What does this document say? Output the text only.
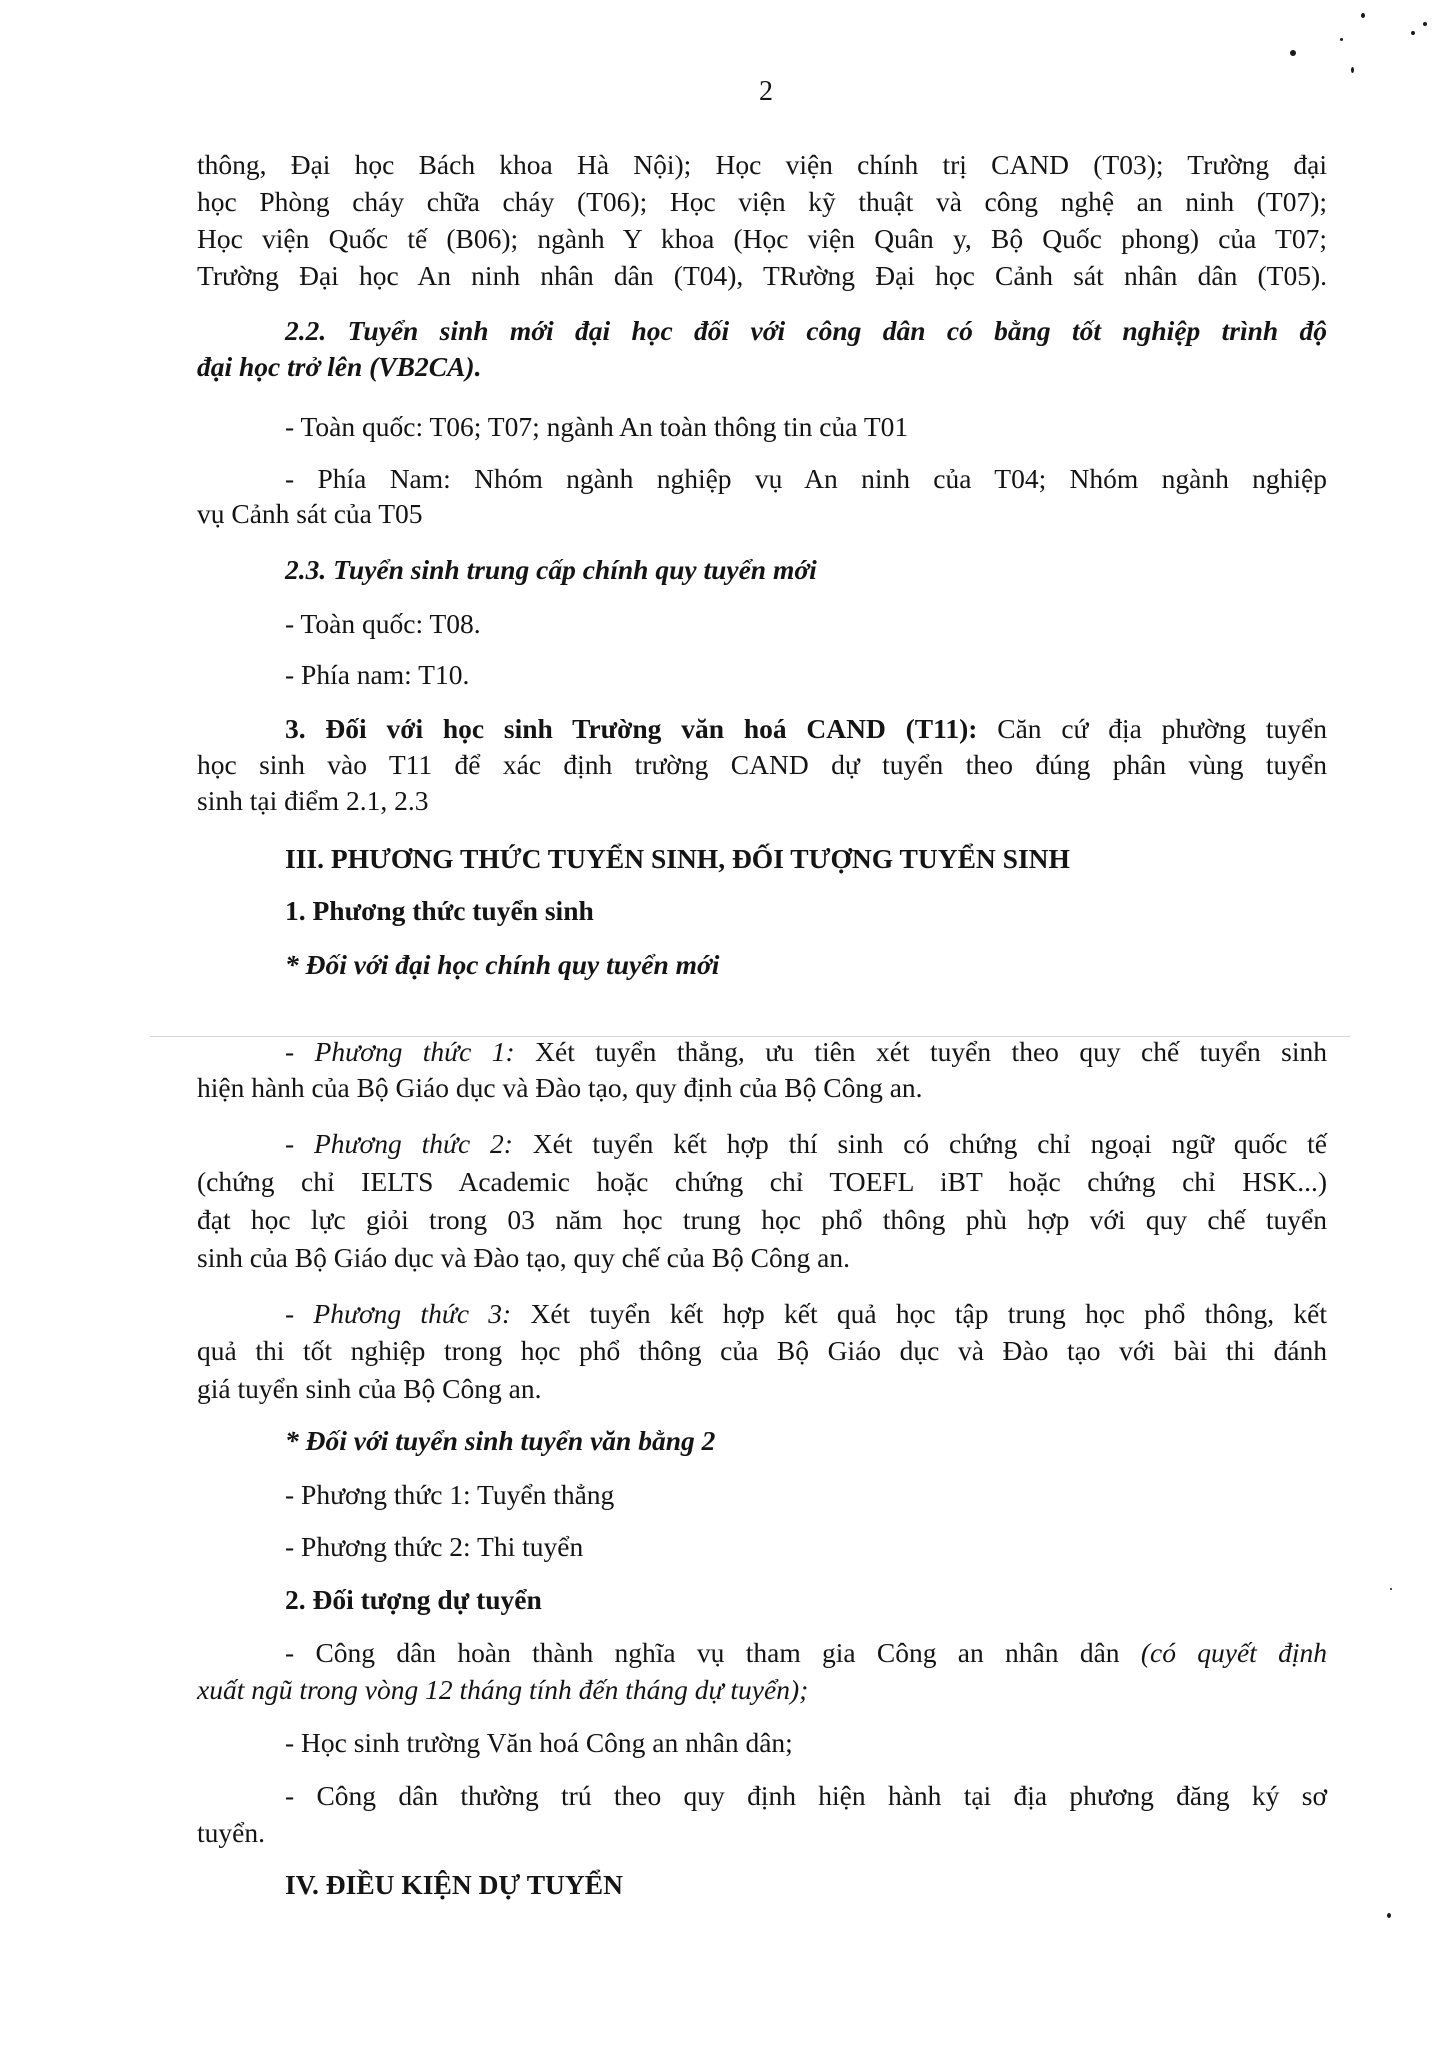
2
thông, Đại học Bách khoa Hà Nội); Học viện chính trị CAND (T03); Trường đại
học Phòng cháy chữa cháy (T06); Học viện kỹ thuật và công nghệ an ninh (T07);
Học viện Quốc tế (B06); ngành Y khoa (Học viện Quân y, Bộ Quốc phong) của T07;
Trường Đại học An ninh nhân dân (T04), TRường Đại học Cảnh sát nhân dân (T05).
2.2. Tuyển sinh mới đại học đối với công dân có bằng tốt nghiệp trình độ
đại học trở lên (VB2CA).
- Toàn quốc: T06; T07; ngành An toàn thông tin của T01
- Phía Nam: Nhóm ngành nghiệp vụ An ninh của T04; Nhóm ngành nghiệp
vụ Cảnh sát của T05
2.3. Tuyển sinh trung cấp chính quy tuyển mới
- Toàn quốc: T08.
- Phía nam: T10.
3. Đối với học sinh Trường văn hoá CAND (T11): Căn cứ địa phường tuyển
học sinh vào T11 để xác định trường CAND dự tuyển theo đúng phân vùng tuyển
sinh tại điểm 2.1, 2.3
III. PHƯƠNG THỨC TUYỂN SINH, ĐỐI TƯỢNG TUYỂN SINH
1. Phương thức tuyển sinh
* Đối với đại học chính quy tuyển mới
- Phương thức 1: Xét tuyển thẳng, ưu tiên xét tuyển theo quy chế tuyển sinh
hiện hành của Bộ Giáo dục và Đào tạo, quy định của Bộ Công an.
- Phương thức 2: Xét tuyển kết hợp thí sinh có chứng chỉ ngoại ngữ quốc tế
(chứng chỉ IELTS Academic hoặc chứng chỉ TOEFL iBT hoặc chứng chỉ HSK...)
đạt học lực giỏi trong 03 năm học trung học phổ thông phù hợp với quy chế tuyển
sinh của Bộ Giáo dục và Đào tạo, quy chế của Bộ Công an.
- Phương thức 3: Xét tuyển kết hợp kết quả học tập trung học phổ thông, kết
quả thi tốt nghiệp trong học phổ thông của Bộ Giáo dục và Đào tạo với bài thi đánh
giá tuyển sinh của Bộ Công an.
* Đối với tuyển sinh tuyển văn bằng 2
- Phương thức 1: Tuyển thẳng
- Phương thức 2: Thi tuyển
2. Đối tượng dự tuyển
- Công dân hoàn thành nghĩa vụ tham gia Công an nhân dân (có quyết định
xuất ngũ trong vòng 12 tháng tính đến tháng dự tuyển);
- Học sinh trường Văn hoá Công an nhân dân;
- Công dân thường trú theo quy định hiện hành tại địa phương đăng ký sơ
tuyển.
IV. ĐIỀU KIỆN DỰ TUYỂN
